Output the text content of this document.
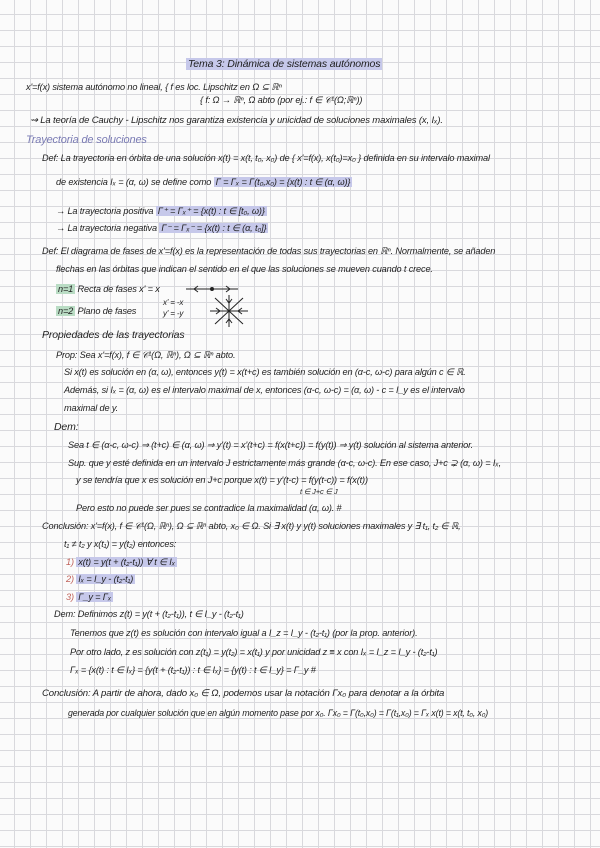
Tema 3: Dinámica de sistemas autónomos
x'=f(x) sistema autónomo no lineal, { f es loc. Lipschitz en Ω ⊆ ℝⁿ
{ f: Ω → ℝⁿ, Ω abto (por ej.: f ∈ 𝒞¹(Ω;ℝⁿ))
⇝ La teoría de Cauchy - Lipschitz nos garantiza existencia y unicidad de soluciones maximales (x, Iₓ).
Trayectoria de soluciones
Def: La trayectoria en órbita de una solución x(t) = x(t, t₀, x₀) de { x'=f(x), x(t₀)=x₀ } definida en su intervalo maximal
de existencia Iₓ = (α, ω) se define como Γ = Γₓ = Γ(t₀,x₀) = {x(t) : t ∈ (α, ω)}
→ La trayectoria positiva Γ⁺ = Γₓ⁺ = {x(t) : t ∈ [t₀, ω)}
→ La trayectoria negativa Γ⁻ = Γₓ⁻ = {x(t) : t ∈ (α, t₀]}
Def: El diagrama de fases de x'=f(x) es la representación de todas sus trayectorias en ℝⁿ. Normalmente, se añaden
flechas en las órbitas que indican el sentido en el que las soluciones se mueven cuando t crece.
n=1 Recta de fases x' = x
n=2 Plano de fases
x' = -x
y' = -y
Propiedades de las trayectorias
Prop: Sea x'=f(x), f ∈ 𝒞¹(Ω, ℝⁿ), Ω ⊆ ℝⁿ abto.
Si x(t) es solución en (α, ω), entonces y(t) = x(t+c) es también solución en (α-c, ω-c) para algún c ∈ ℝ.
Además, si Iₓ = (α, ω) es el intervalo maximal de x, entonces (α-c, ω-c) = (α, ω) - c = I_y es el intervalo
maximal de y.
Dem:
Sea t ∈ (α-c, ω-c) ⇒ (t+c) ∈ (α, ω) ⇒ y'(t) = x'(t+c) = f(x(t+c)) = f(y(t)) ⇒ y(t) solución al sistema anterior.
Sup. que y esté definida en un intervalo J estrictamente más grande (α-c, ω-c). En ese caso, J+c ⊋ (α, ω) = Iₓ,
y se tendría que x es solución en J+c porque x(t) = y'(t-c) = f(y(t-c)) = f(x(t))
t ∈ J+c ∈ J
Pero esto no puede ser pues se contradice la maximalidad (α, ω). #
Conclusión: x'=f(x), f ∈ 𝒞¹(Ω, ℝⁿ), Ω ⊆ ℝⁿ abto, x₀ ∈ Ω. Si ∃ x(t) y y(t) soluciones maximales y ∃ t₁, t₂ ∈ ℝ,
t₁ ≠ t₂ y x(t₁) = y(t₂) entonces:
1) x(t) = y(t + (t₂-t₁)) ∀ t ∈ Iₓ
2) Iₓ = I_y - (t₂-t₁)
3) Γ_y = Γₓ
Dem: Definimos z(t) = y(t + (t₂-t₁)), t ∈ I_y - (t₂-t₁)
Tenemos que z(t) es solución con intervalo igual a I_z = I_y - (t₂-t₁) (por la prop. anterior).
Por otro lado, z es solución con z(t₁) = y(t₂) = x(t₁) y por unicidad z ≡ x con Iₓ = I_z = I_y - (t₂-t₁)
Γₓ = {x(t) : t ∈ Iₓ} = {y(t + (t₂-t₁)) : t ∈ Iₓ} = {y(t) : t ∈ I_y} = Γ_y #
Conclusión: A partir de ahora, dado x₀ ∈ Ω, podemos usar la notación Γx₀ para denotar a la órbita
generada por cualquier solución que en algún momento pase por x₀. Γx₀ = Γ(t₀,x₀) = Γ(t₁,x₀) = Γₓ x(t) = x(t, t₀, x₀)
